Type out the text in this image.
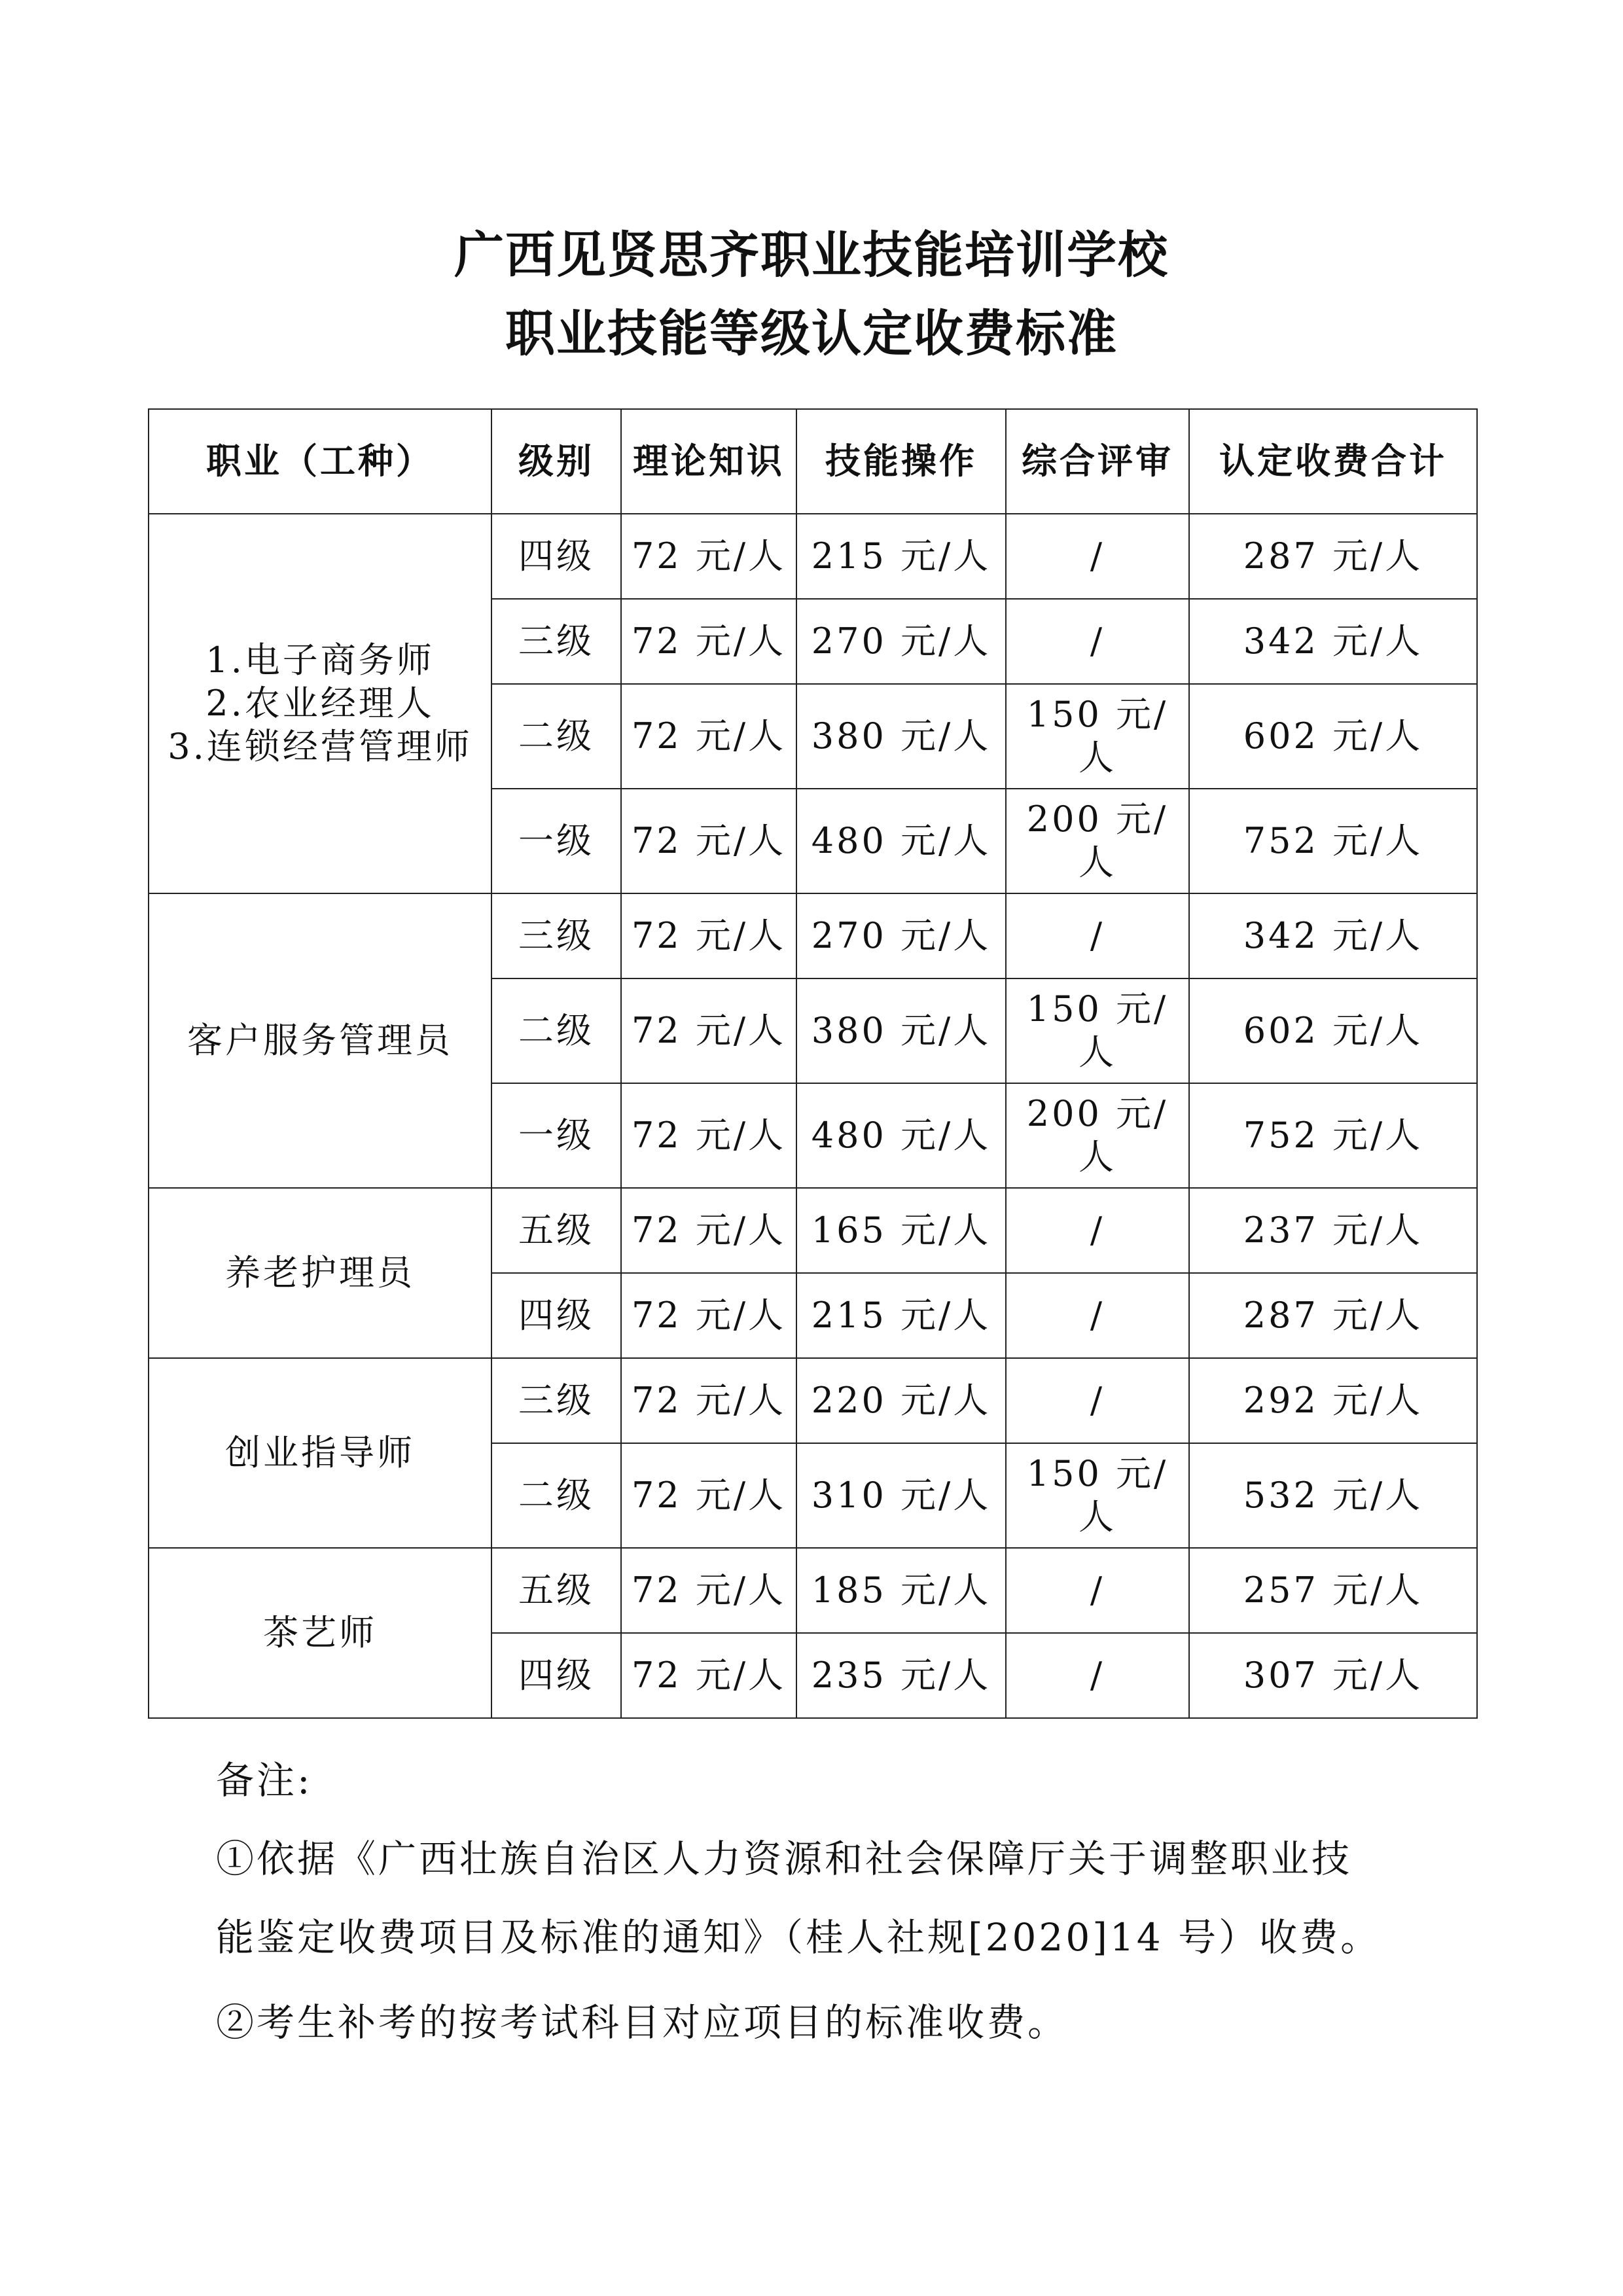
广西见贤思齐职业技能培训学校
职业技能等级认定收费标准
职业（工种）	级别	理论知识	技能操作	综合评审	认定收费合计

1.电子商务师
2.农业经理人
3.连锁经营管理师	四级	72 元/人	215 元/人	/	287 元/人
	三级	72 元/人	270 元/人	/	342 元/人
	二级	72 元/人	380 元/人	150 元/人	602 元/人
	一级	72 元/人	480 元/人	200 元/人	752 元/人

客户服务管理员	三级	72 元/人	270 元/人	/	342 元/人
	二级	72 元/人	380 元/人	150 元/人	602 元/人
	一级	72 元/人	480 元/人	200 元/人	752 元/人

养老护理员	五级	72 元/人	165 元/人	/	237 元/人
	四级	72 元/人	215 元/人	/	287 元/人

创业指导师	三级	72 元/人	220 元/人	/	292 元/人
	二级	72 元/人	310 元/人	150 元/人	532 元/人

茶艺师	五级	72 元/人	185 元/人	/	257 元/人
	四级	72 元/人	235 元/人	/	307 元/人
备注:
①依据《广西壮族自治区人力资源和社会保障厅关于调整职业技
能鉴定收费项目及标准的通知》（桂人社规[2020]14 号）收费。
②考生补考的按考试科目对应项目的标准收费。
